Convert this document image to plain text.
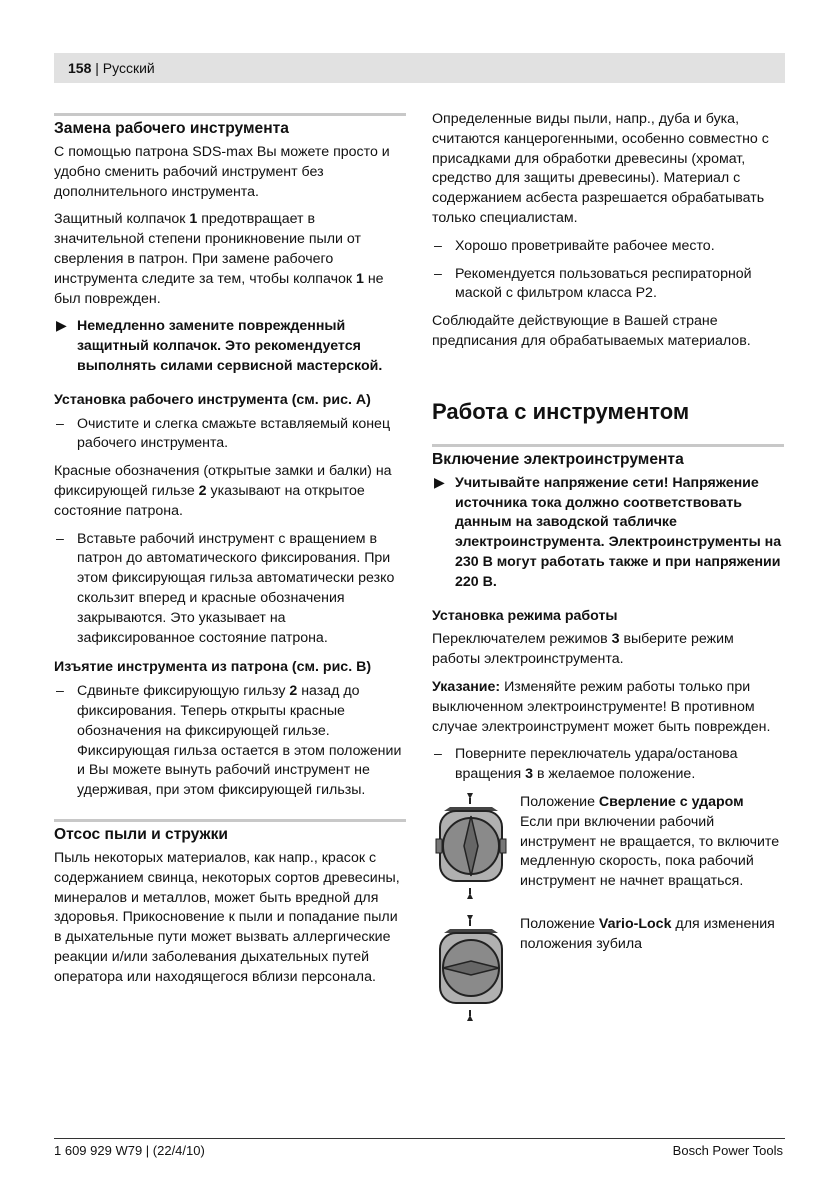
158 | Русский
Замена рабочего инструмента

С помощью патрона SDS-max Вы можете просто и удобно сменить рабочий инструмент без дополнительного инструмента.

Защитный колпачок 1 предотвращает в значительной степени проникновение пыли от сверления в патрон. При замене рабочего инструмента следите за тем, чтобы колпачок 1 не был поврежден.

▶ Немедленно замените поврежденный защитный колпачок. Это рекомендуется выполнять силами сервисной мастерской.
Установка рабочего инструмента (см. рис. A)
– Очистите и слегка смажьте вставляемый конец рабочего инструмента.

Красные обозначения (открытые замки и балки) на фиксирующей гильзе 2 указывают на открытое состояние патрона.

– Вставьте рабочий инструмент с вращением в патрон до автоматического фиксирования. При этом фиксирующая гильза автоматически резко скользит вперед и красные обозначения закрываются. Это указывает на зафиксированное состояние патрона.
Изъятие инструмента из патрона (см. рис. B)
– Сдвиньте фиксирующую гильзу 2 назад до фиксирования. Теперь открыты красные обозначения на фиксирующей гильзе. Фиксирующая гильза остается в этом положении и Вы можете вынуть рабочий инструмент не удерживая, при этом фиксирующей гильзы.
Отсос пыли и стружки

Пыль некоторых материалов, как напр., красок с содержанием свинца, некоторых сортов древесины, минералов и металлов, может быть вредной для здоровья. Прикосновение к пыли и попадание пыли в дыхательные пути может вызвать аллергические реакции и/или заболевания дыхательных путей оператора или находящегося вблизи персонала.

Определенные виды пыли, напр., дуба и бука, считаются канцерогенными, особенно совместно с присадками для обработки древесины (хромат, средство для защиты древесины). Материал с содержанием асбеста разрешается обрабатывать только специалистам.

– Хорошо проветривайте рабочее место.
– Рекомендуется пользоваться респираторной маской с фильтром класса P2.

Соблюдайте действующие в Вашей стране предписания для обрабатываемых материалов.

Работа с инструментом
Включение электроинструмента
▶ Учитывайте напряжение сети! Напряжение источника тока должно соответствовать данным на заводской табличке электроинструмента. Электроинструменты на 230 В могут работать также и при напряжении 220 В.
Установка режима работы

Переключателем режимов 3 выберите режим работы электроинструмента.

Указание: Изменяйте режим работы только при выключенном электроинструменте! В противном случае электроинструмент может быть поврежден.

– Поверните переключатель удара/останова вращения 3 в желаемое положение.
Положение Сверление с ударом
Если при включении рабочий инструмент не вращается, то включите медленную скорость, пока рабочий инструмент не начнет вращаться.
Положение Vario-Lock для изменения положения зубила
1 609 929 W79 | (22/4/10)	Bosch Power Tools
